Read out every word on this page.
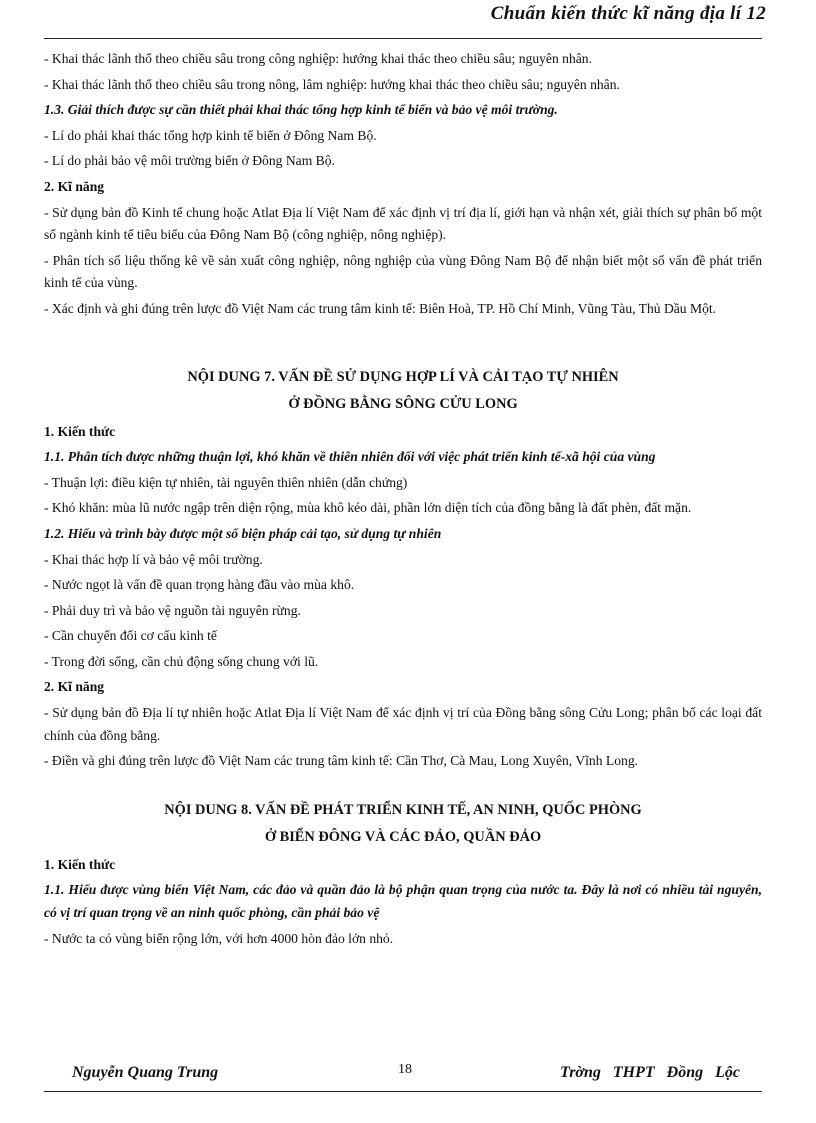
Chuẩn kiến thức kĩ năng địa lí 12

- Khai thác lãnh thổ theo chiều sâu trong công nghiệp: hướng khai thác theo chiều sâu; nguyên nhân.

- Khai thác lãnh thổ theo chiều sâu trong nông, lâm nghiệp: hướng khai thác theo chiều sâu; nguyên nhân.

1.3. Giải thích được sự cần thiết phải khai thác tổng hợp kinh tế biển và bảo vệ môi trường.

- Lí do phải khai thác tổng hợp kinh tế biển ở Đông Nam Bộ.

- Lí do phải bảo vệ môi trường biển ở Đông Nam Bộ.

2. Kĩ năng

- Sử dụng bản đồ Kinh tế chung hoặc Atlat Địa lí Việt Nam để xác định vị trí địa lí, giới hạn và nhận xét, giải thích sự phân bố một số ngành kinh tế tiêu biểu của Đông Nam Bộ (công nghiệp, nông nghiệp).

- Phân tích số liệu thống kê về sản xuất công nghiệp, nông nghiệp của vùng Đông Nam Bộ để nhận biết một số vấn đề phát triển kinh tế của vùng.

- Xác định và ghi đúng trên lược đồ Việt Nam các trung tâm kinh tế: Biên Hoà, TP. Hồ Chí Minh, Vũng Tàu, Thủ Dầu Một.

NỘI DUNG 7. VẤN ĐỀ SỬ DỤNG HỢP LÍ VÀ CẢI TẠO TỰ NHIÊN

Ở ĐỒNG BẰNG SÔNG CỬU LONG

1. Kiến thức

1.1. Phân tích được những thuận lợi, khó khăn về thiên nhiên đối với việc phát triển kinh tế-xã hội của vùng

- Thuận lợi: điều kiện tự nhiên, tài nguyên thiên nhiên (dẫn chứng)

- Khó khăn: mùa lũ nước ngập trên diện rộng, mùa khô kéo dài, phần lớn diện tích của đồng bằng là đất phèn, đất mặn.

1.2. Hiểu và trình bày được một số biện pháp cải tạo, sử dụng tự nhiên

- Khai thác hợp lí và bảo vệ môi trường.

- Nước ngọt là vấn đề quan trọng hàng đầu vào mùa khô.

- Phải duy trì và bảo vệ nguồn tài nguyên rừng.

- Cần chuyển đổi cơ cấu kinh tế

- Trong đời sống, cần chủ động sống chung với lũ.

2. Kĩ năng

- Sử dụng bản đồ Địa lí tự nhiên hoặc Atlat Địa lí Việt Nam để xác định vị trí của Đồng bằng sông Cửu Long; phân bố các loại đất chính của đồng bằng.

- Điền và ghi đúng trên lược đồ Việt Nam các trung tâm kinh tế: Cần Thơ, Cà Mau, Long Xuyên, Vĩnh Long.

NỘI DUNG 8. VẤN ĐỀ PHÁT TRIỂN KINH TẾ, AN NINH, QUỐC PHÒNG

Ở BIỂN ĐÔNG VÀ CÁC ĐẢO, QUẦN ĐẢO

1. Kiến thức

1.1. Hiểu được vùng biển Việt Nam, các đảo và quần đảo là bộ phận quan trọng của nước ta. Đây là nơi có nhiều tài nguyên, có vị trí quan trọng về an ninh quốc phòng, cần phải bảo vệ

- Nước ta có vùng biển rộng lớn, với hơn 4000 hòn đảo lớn nhỏ.

Nguyễn Quang Trung	18	Trờng THPT Đồng Lộc
